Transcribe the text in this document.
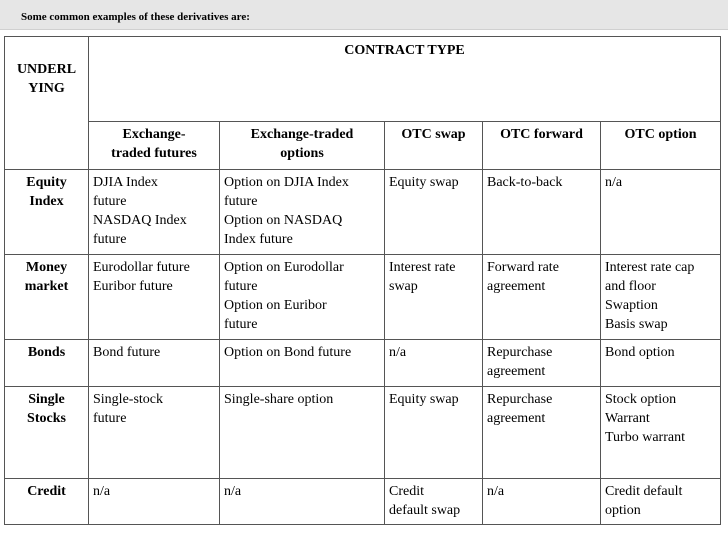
Some common examples of these derivatives are:
UNDERL
YING	CONTRACT TYPE				

	Exchange-
traded futures	Exchange-traded
options	OTC swap	OTC forward	OTC option

Equity
Index	DJIA Index
future
NASDAQ Index
future	Option on DJIA Index
future
Option on NASDAQ
Index future	Equity swap	Back-to-back	n/a

Money
market	Eurodollar future
Euribor future	Option on Eurodollar
future
Option on Euribor
future	Interest rate
swap	Forward rate
agreement	Interest rate cap
and floor
Swaption
Basis swap

Bonds	Bond future	Option on Bond future	n/a	Repurchase
agreement	Bond option

Single
Stocks	Single-stock
future	Single-share option	Equity swap	Repurchase
agreement	Stock option
Warrant
Turbo warrant

Credit	n/a	n/a	Credit
default swap	n/a	Credit default
option
